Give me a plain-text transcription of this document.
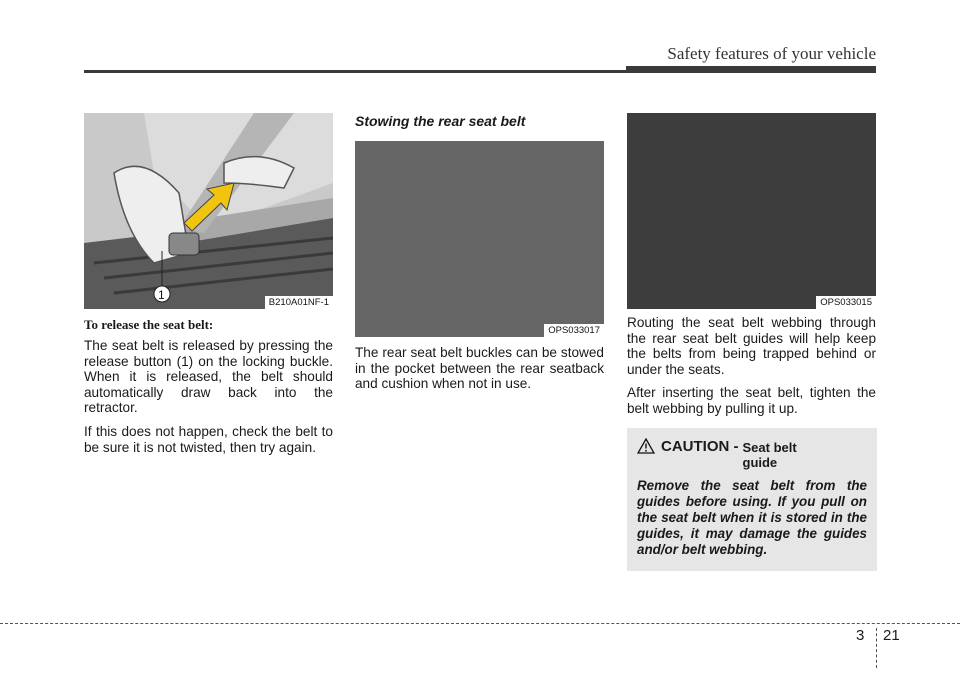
Safety features of your vehicle
1
B210A01NF-1
To release the seat belt:

The seat belt is released by pressing the release button (1) on the locking buckle. When it is released, the belt should automatically draw back into the retractor.

If this does not happen, check the belt to be sure it is not twisted, then try again.

Stowing the rear seat belt
OPS033017

The rear seat belt buckles can be stowed in the pocket between the rear seatback and cushion when not in use.

OPS033015

Routing the seat belt webbing through the rear seat belt guides will help keep the belts from being trapped behind or under the seats.

After inserting the seat belt, tighten the belt webbing by pulling it up.

CAUTION - Seat belt guide
Remove the seat belt from the guides before using. If you pull on the seat belt when it is stored in the guides, it may damage the guides and/or belt webbing.
3 21
